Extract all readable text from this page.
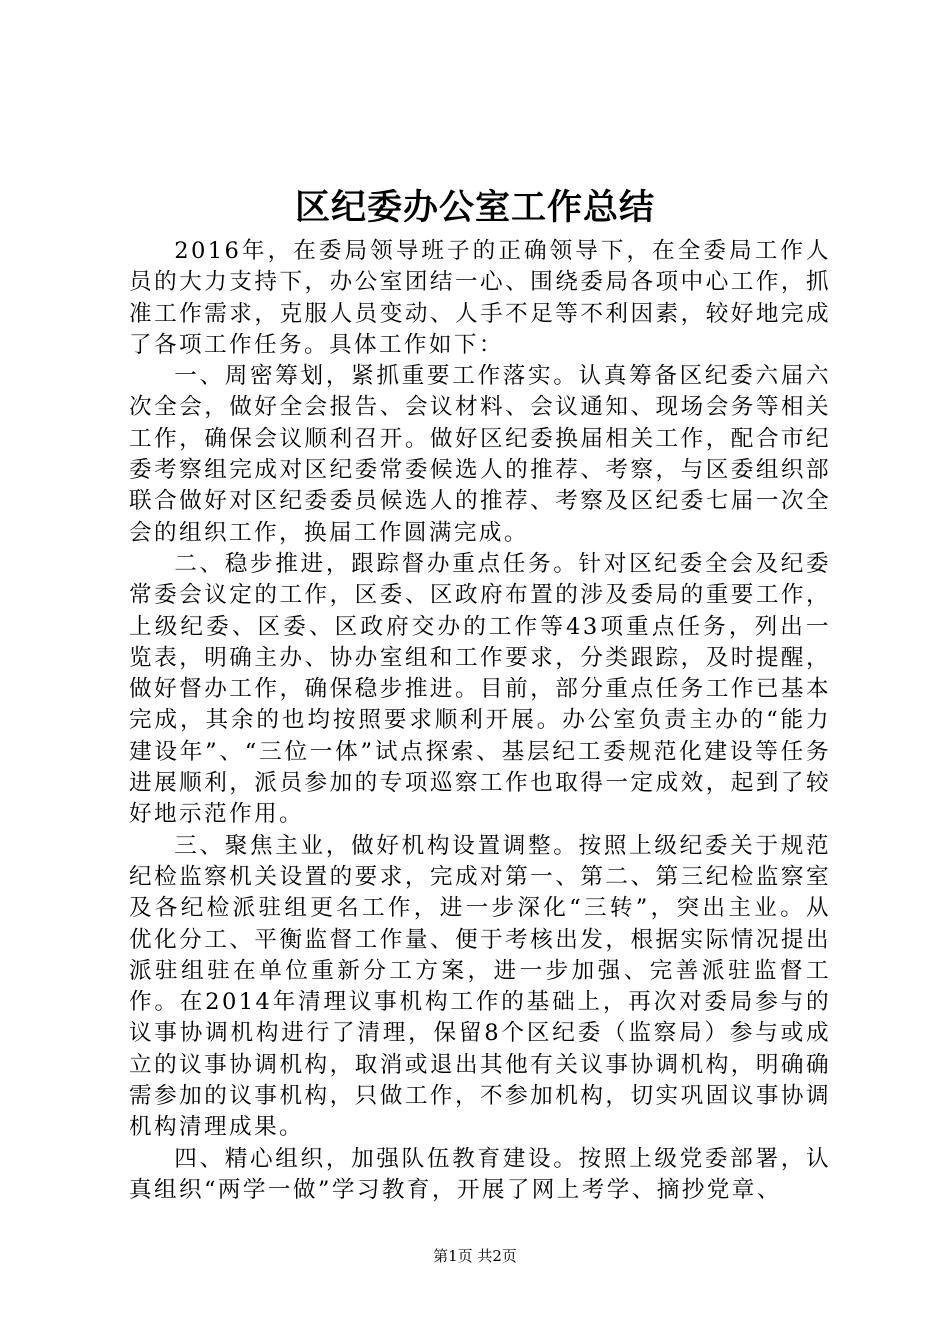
区纪委办公室工作总结

2016年，在委局领导班子的正确领导下，在全委局工作人员的大力支持下，办公室团结一心、围绕委局各项中心工作，抓准工作需求，克服人员变动、人手不足等不利因素，较好地完成了各项工作任务。具体工作如下：

一、周密筹划，紧抓重要工作落实。认真筹备区纪委六届六次全会，做好全会报告、会议材料、会议通知、现场会务等相关工作，确保会议顺利召开。做好区纪委换届相关工作，配合市纪委考察组完成对区纪委常委候选人的推荐、考察，与区委组织部联合做好对区纪委委员候选人的推荐、考察及区纪委七届一次全会的组织工作，换届工作圆满完成。

二、稳步推进，跟踪督办重点任务。针对区纪委全会及纪委常委会议定的工作，区委、区政府布置的涉及委局的重要工作，上级纪委、区委、区政府交办的工作等43项重点任务，列出一览表，明确主办、协办室组和工作要求，分类跟踪，及时提醒，做好督办工作，确保稳步推进。目前，部分重点任务工作已基本完成，其余的也均按照要求顺利开展。办公室负责主办的“能力建设年”、“三位一体”试点探索、基层纪工委规范化建设等任务进展顺利，派员参加的专项巡察工作也取得一定成效，起到了较好地示范作用。

三、聚焦主业，做好机构设置调整。按照上级纪委关于规范纪检监察机关设置的要求，完成对第一、第二、第三纪检监察室及各纪检派驻组更名工作，进一步深化“三转”，突出主业。从优化分工、平衡监督工作量、便于考核出发，根据实际情况提出派驻组驻在单位重新分工方案，进一步加强、完善派驻监督工作。在2014年清理议事机构工作的基础上，再次对委局参与的议事协调机构进行了清理，保留8个区纪委（监察局）参与或成立的议事协调机构，取消或退出其他有关议事协调机构，明确确需参加的议事机构，只做工作，不参加机构，切实巩固议事协调机构清理成果。

四、精心组织，加强队伍教育建设。按照上级党委部署，认真组织“两学一做”学习教育，开展了网上考学、摘抄党章、

第1页 共2页
